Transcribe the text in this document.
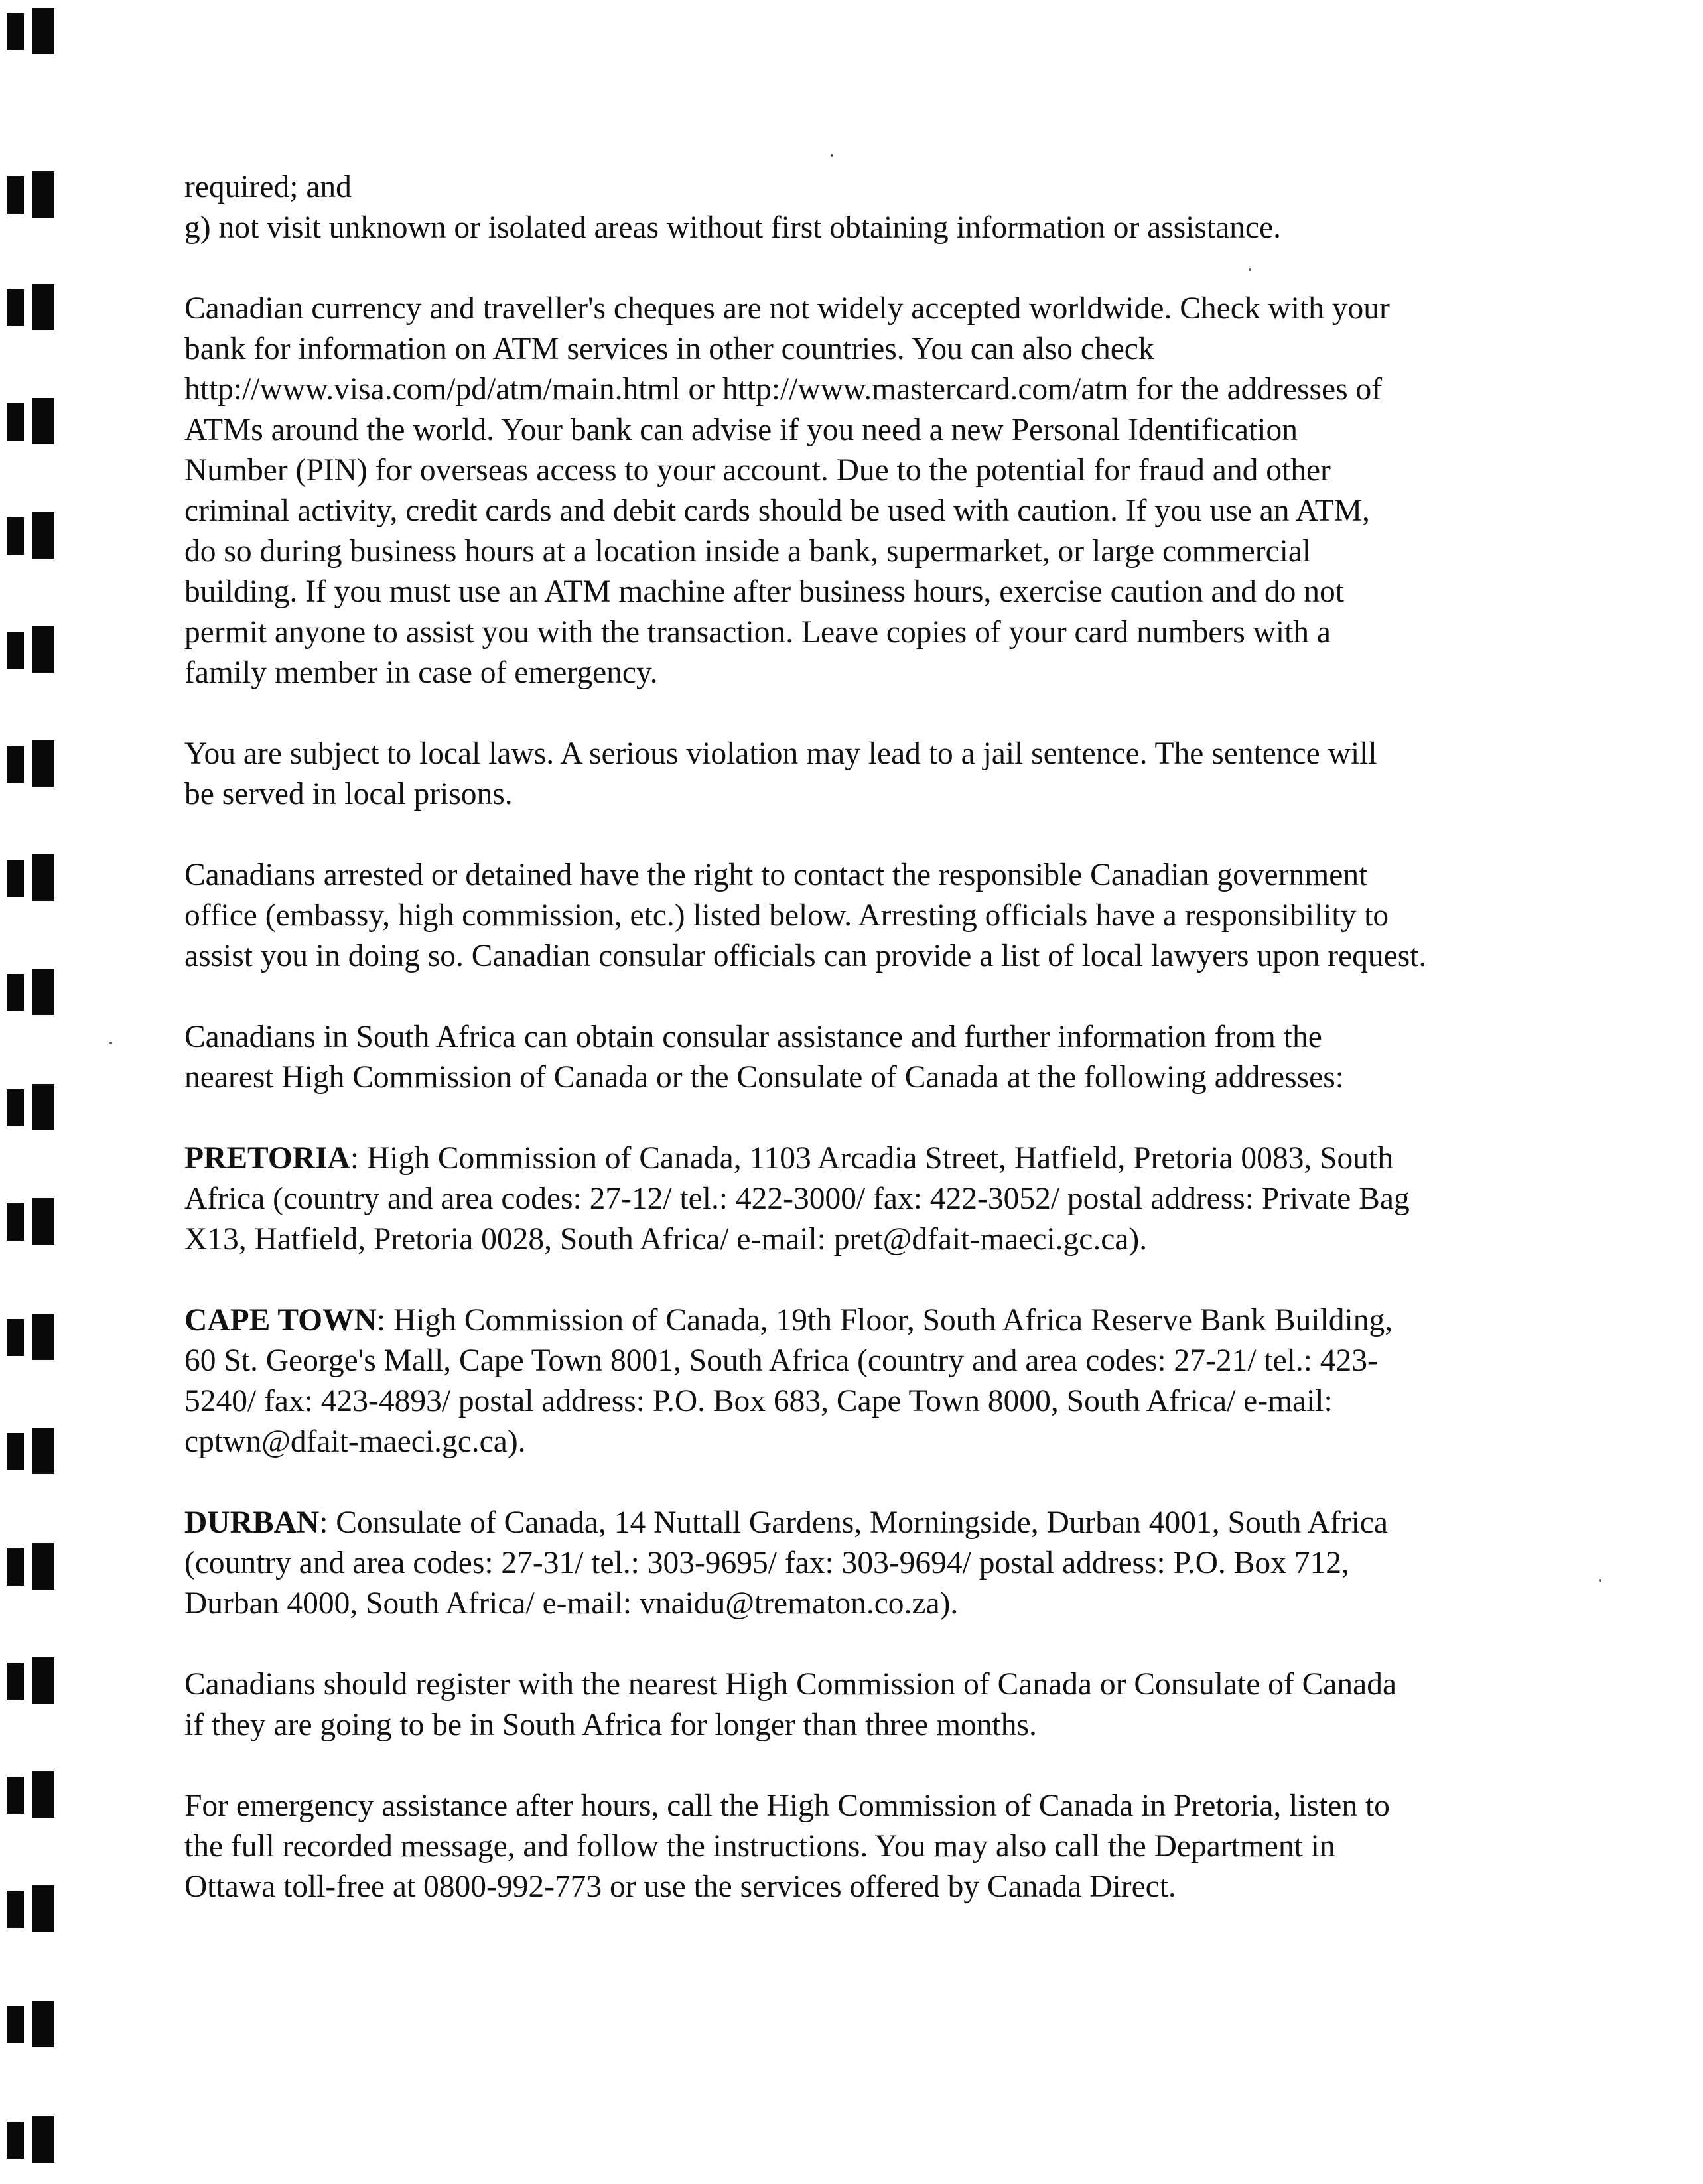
required; and
g) not visit unknown or isolated areas without first obtaining information or assistance.

Canadian currency and traveller's cheques are not widely accepted worldwide. Check with your
bank for information on ATM services in other countries. You can also check
http://www.visa.com/pd/atm/main.html or http://www.mastercard.com/atm for the addresses of
ATMs around the world. Your bank can advise if you need a new Personal Identification
Number (PIN) for overseas access to your account. Due to the potential for fraud and other
criminal activity, credit cards and debit cards should be used with caution. If you use an ATM,
do so during business hours at a location inside a bank, supermarket, or large commercial
building. If you must use an ATM machine after business hours, exercise caution and do not
permit anyone to assist you with the transaction. Leave copies of your card numbers with a
family member in case of emergency.

You are subject to local laws. A serious violation may lead to a jail sentence. The sentence will
be served in local prisons.

Canadians arrested or detained have the right to contact the responsible Canadian government
office (embassy, high commission, etc.) listed below. Arresting officials have a responsibility to
assist you in doing so. Canadian consular officials can provide a list of local lawyers upon request.

Canadians in South Africa can obtain consular assistance and further information from the
nearest High Commission of Canada or the Consulate of Canada at the following addresses:

PRETORIA: High Commission of Canada, 1103 Arcadia Street, Hatfield, Pretoria 0083, South
Africa (country and area codes: 27-12/ tel.: 422-3000/ fax: 422-3052/ postal address: Private Bag
X13, Hatfield, Pretoria 0028, South Africa/ e-mail: pret@dfait-maeci.gc.ca).

CAPE TOWN: High Commission of Canada, 19th Floor, South Africa Reserve Bank Building,
60 St. George's Mall, Cape Town 8001, South Africa (country and area codes: 27-21/ tel.: 423-
5240/ fax: 423-4893/ postal address: P.O. Box 683, Cape Town 8000, South Africa/ e-mail:
cptwn@dfait-maeci.gc.ca).

DURBAN: Consulate of Canada, 14 Nuttall Gardens, Morningside, Durban 4001, South Africa
(country and area codes: 27-31/ tel.: 303-9695/ fax: 303-9694/ postal address: P.O. Box 712,
Durban 4000, South Africa/ e-mail: vnaidu@trematon.co.za).

Canadians should register with the nearest High Commission of Canada or Consulate of Canada
if they are going to be in South Africa for longer than three months.

For emergency assistance after hours, call the High Commission of Canada in Pretoria, listen to
the full recorded message, and follow the instructions. You may also call the Department in
Ottawa toll-free at 0800-992-773 or use the services offered by Canada Direct.
